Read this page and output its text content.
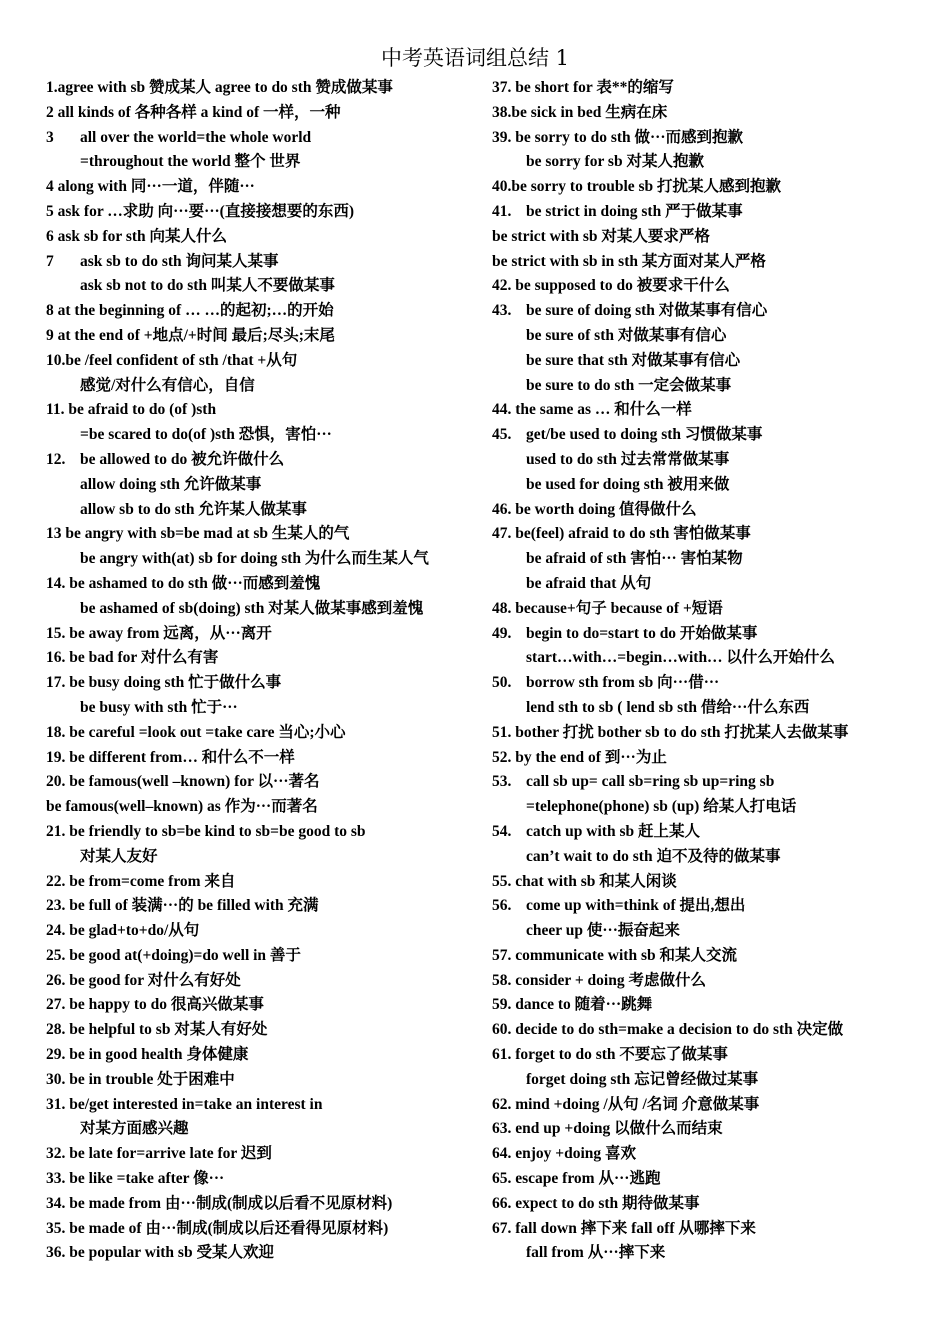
中考英语词组总结 1
1.agree with sb 赞成某人 agree to do sth 赞成做某事
2 all kinds of 各种各样 a kind of 一样，一种
3 all over the world=the whole world
=throughout the world 整个 世界
4 along with 同···一道，伴随···
5 ask for …求助 向···要···(直接接想要的东西)
6 ask sb for sth 向某人什么
7 ask sb to do sth 询问某人某事
ask sb not to do sth 叫某人不要做某事
8 at the beginning of … …的起初;…的开始
9 at the end of +地点/+时间 最后;尽头;末尾
10.be /feel confident of sth /that +从句
感觉/对什么有信心，自信
11. be afraid to do (of )sth
=be scared to do(of )sth 恐惧，害怕···
12. be allowed to do 被允许做什么
allow doing sth 允许做某事
allow sb to do sth 允许某人做某事
13 be angry with sb=be mad at sb 生某人的气
be angry with(at) sb for doing sth 为什么而生某人气
14. be ashamed to do sth 做···而感到羞愧
be ashamed of sb(doing) sth 对某人做某事感到羞愧
15. be away from 远离，从···离开
16. be bad for 对什么有害
17. be busy doing sth 忙于做什么事
be busy with sth 忙于···
18. be careful =look out =take care 当心;小心
19. be different from… 和什么不一样
20. be famous(well –known) for 以···著名
be famous(well–known) as 作为···而著名
21. be friendly to sb=be kind to sb=be good to sb
对某人友好
22. be from=come from 来自
23. be full of 装满···的 be filled with 充满
24. be glad+to+do/从句
25. be good at(+doing)=do well in 善于
26. be good for 对什么有好处
27. be happy to do 很高兴做某事
28. be helpful to sb 对某人有好处
29. be in good health 身体健康
30. be in trouble 处于困难中
31. be/get interested in=take an interest in
对某方面感兴趣
32. be late for=arrive late for 迟到
33. be like =take after 像···
34. be made from 由···制成(制成以后看不见原材料)
35. be made of 由···制成(制成以后还看得见原材料)
36. be popular with sb 受某人欢迎
37. be short for 表**的缩写
38.be sick in bed 生病在床
39. be sorry to do sth 做···而感到抱歉
be sorry for sb 对某人抱歉
40.be sorry to trouble sb 打扰某人感到抱歉
41. be strict in doing sth 严于做某事
be strict with sb 对某人要求严格
be strict with sb in sth 某方面对某人严格
42. be supposed to do 被要求干什么
43. be sure of doing sth 对做某事有信心
be sure of sth 对做某事有信心
be sure that sth 对做某事有信心
be sure to do sth 一定会做某事
44. the same as … 和什么一样
45. get/be used to doing sth 习惯做某事
used to do sth 过去常常做某事
be used for doing sth 被用来做
46. be worth doing 值得做什么
47. be(feel) afraid to do sth 害怕做某事
be afraid of sth 害怕··· 害怕某物
be afraid that 从句
48. because+句子 because of +短语
49. begin to do=start to do 开始做某事
start…with…=begin…with… 以什么开始什么
50. borrow sth from sb 向···借···
lend sth to sb ( lend sb sth 借给···什么东西
51. bother 打扰 bother sb to do sth 打扰某人去做某事
52. by the end of 到···为止
53. call sb up= call sb=ring sb up=ring sb
=telephone(phone) sb (up) 给某人打电话
54. catch up with sb 赶上某人
can’t wait to do sth 迫不及待的做某事
55. chat with sb 和某人闲谈
56. come up with=think of 提出,想出
cheer up 使···振奋起来
57. communicate with sb 和某人交流
58. consider + doing 考虑做什么
59. dance to 随着···跳舞
60. decide to do sth=make a decision to do sth 决定做
61. forget to do sth 不要忘了做某事
forget doing sth 忘记曾经做过某事
62. mind +doing /从句 /名词 介意做某事
63. end up +doing 以做什么而结束
64. enjoy +doing 喜欢
65. escape from 从···逃跑
66. expect to do sth 期待做某事
67. fall down 摔下来 fall off 从哪摔下来
fall from 从···摔下来
